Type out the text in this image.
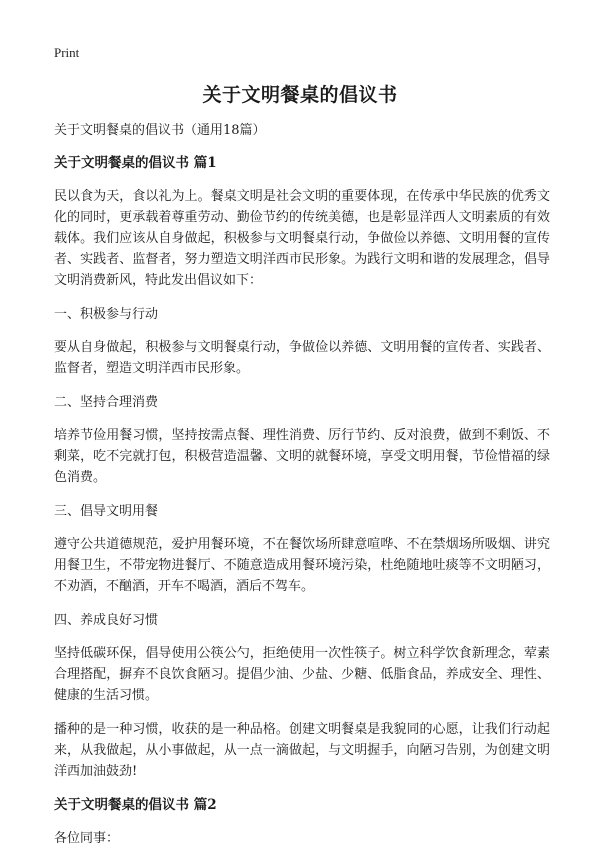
Print
关于文明餐桌的倡议书

关于文明餐桌的倡议书（通用18篇）

关于文明餐桌的倡议书 篇1

民以食为天，食以礼为上。餐桌文明是社会文明的重要体现，在传承中华民族的优秀文化的同时，更承载着尊重劳动、勤俭节约的传统美德，也是彰显洋西人文明素质的有效载体。我们应该从自身做起，积极参与文明餐桌行动，争做俭以养德、文明用餐的宣传者、实践者、监督者，努力塑造文明洋西市民形象。为践行文明和谐的发展理念，倡导文明消费新风，特此发出倡议如下：

一、积极参与行动

要从自身做起，积极参与文明餐桌行动，争做俭以养德、文明用餐的宣传者、实践者、监督者，塑造文明洋西市民形象。

二、坚持合理消费

培养节俭用餐习惯，坚持按需点餐、理性消费、厉行节约、反对浪费，做到不剩饭、不剩菜，吃不完就打包，积极营造温馨、文明的就餐环境，享受文明用餐，节俭惜福的绿色消费。

三、倡导文明用餐

遵守公共道德规范，爱护用餐环境，不在餐饮场所肆意喧哗、不在禁烟场所吸烟、讲究用餐卫生，不带宠物进餐厅、不随意造成用餐环境污染，杜绝随地吐痰等不文明陋习，不劝酒，不酗酒，开车不喝酒，酒后不驾车。

四、养成良好习惯

坚持低碳环保，倡导使用公筷公勺，拒绝使用一次性筷子。树立科学饮食新理念，荤素合理搭配，摒弃不良饮食陋习。提倡少油、少盐、少糖、低脂食品，养成安全、理性、健康的生活习惯。

播种的是一种习惯，收获的是一种品格。创建文明餐桌是我貌同的心愿，让我们行动起来，从我做起，从小事做起，从一点一滴做起，与文明握手，向陋习告别，为创建文明洋西加油鼓劲!

关于文明餐桌的倡议书 篇2

各位同事：
